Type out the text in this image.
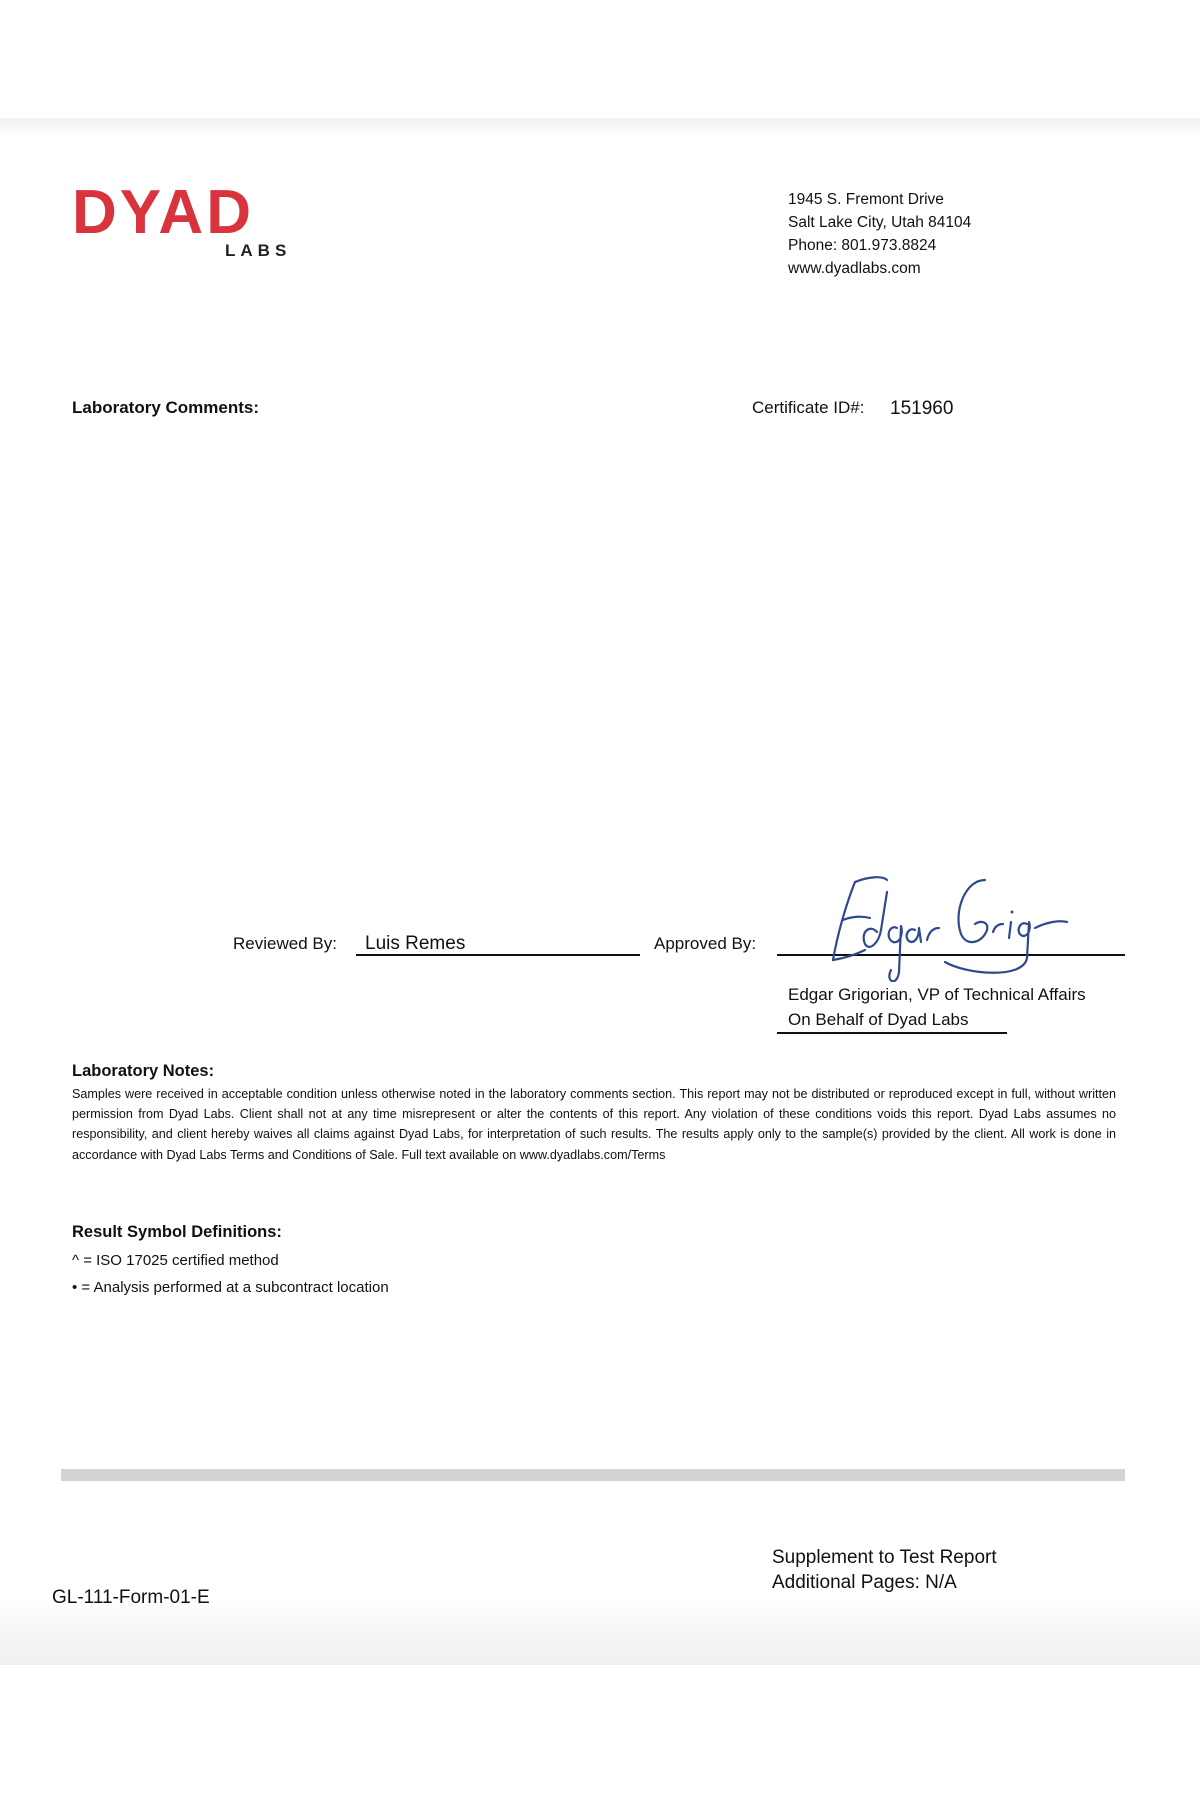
DYAD
LABS
1945 S. Fremont Drive
Salt Lake City, Utah 84104
Phone: 801.973.8824
www.dyadlabs.com
Laboratory Comments:	Certificate ID#: 151960
Reviewed By: Luis Remes	Approved By:
Edgar Grigorian, VP of Technical Affairs
On Behalf of Dyad Labs
Laboratory Notes:
Samples were received in acceptable condition unless otherwise noted in the laboratory comments section. This report may not be distributed or reproduced except in full, without written permission from Dyad Labs. Client shall not at any time misrepresent or alter the contents of this report. Any violation of these conditions voids this report. Dyad Labs assumes no responsibility, and client hereby waives all claims against Dyad Labs, for interpretation of such results. The results apply only to the sample(s) provided by the client. All work is done in accordance with Dyad Labs Terms and Conditions of Sale. Full text available on www.dyadlabs.com/Terms
Result Symbol Definitions:
^ = ISO 17025 certified method
• = Analysis performed at a subcontract location
Supplement to Test Report
Additional Pages: N/A
GL-111-Form-01-E
